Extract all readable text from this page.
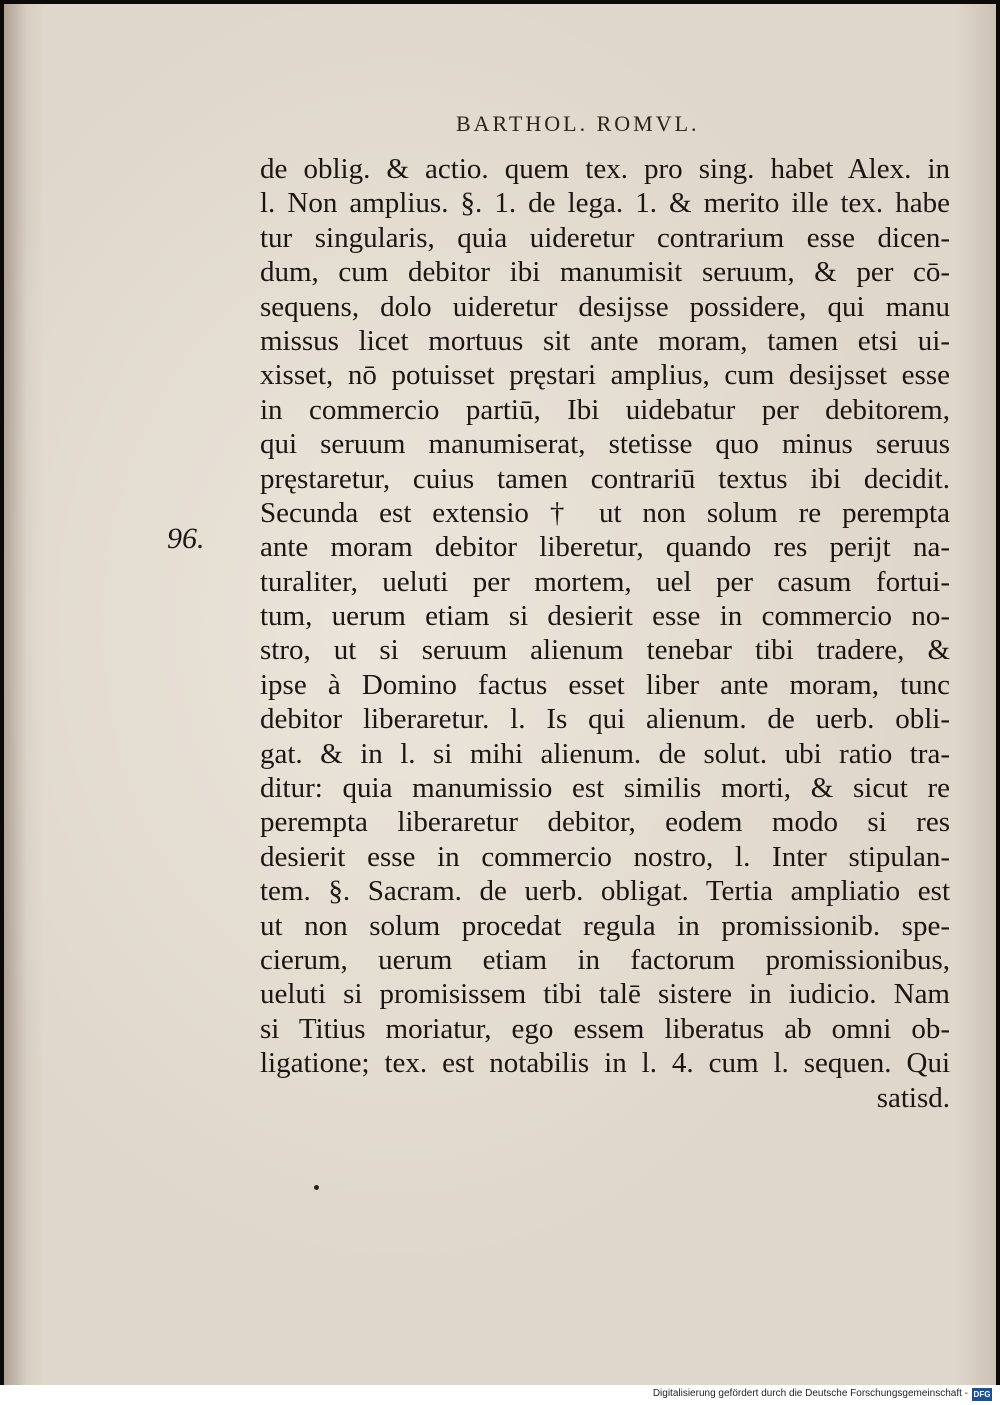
BARTHOL. ROMVL.
96.
de oblig. & actio. quem tex. pro sing. habet Alex. in
l. Non amplius. §. 1. de lega. 1. & merito ille tex. habe
tur singularis, quia uideretur contrarium esse dicen-
dum, cum debitor ibi manumisit seruum, & per cō-
sequens, dolo uideretur desijsse possidere, qui manu
missus licet mortuus sit ante moram, tamen etsi ui-
xisset, nō potuisset pręstari amplius, cum desijsset esse
in commercio partiū, Ibi uidebatur per debitorem,
qui seruum manumiserat, stetisse quo minus seruus
pręstaretur, cuius tamen contrariū textus ibi decidit.
Secunda est extensio † ut non solum re perempta
ante moram debitor liberetur, quando res perijt na-
turaliter, ueluti per mortem, uel per casum fortui-
tum, uerum etiam si desierit esse in commercio no-
stro, ut si seruum alienum tenebar tibi tradere, &
ipse à Domino factus esset liber ante moram, tunc
debitor liberaretur. l. Is qui alienum. de uerb. obli-
gat. & in l. si mihi alienum. de solut. ubi ratio tra-
ditur: quia manumissio est similis morti, & sicut re
perempta liberaretur debitor, eodem modo si res
desierit esse in commercio nostro, l. Inter stipulan-
tem. §. Sacram. de uerb. obligat. Tertia ampliatio est
ut non solum procedat regula in promissionib. spe-
cierum, uerum etiam in factorum promissionibus,
ueluti si promisissem tibi talē sistere in iudicio. Nam
si Titius moriatur, ego essem liberatus ab omni ob-
ligatione; tex. est notabilis in l. 4. cum l. sequen. Qui
satisd.
Digitalisierung gefördert durch die Deutsche Forschungsgemeinschaft - DFG
